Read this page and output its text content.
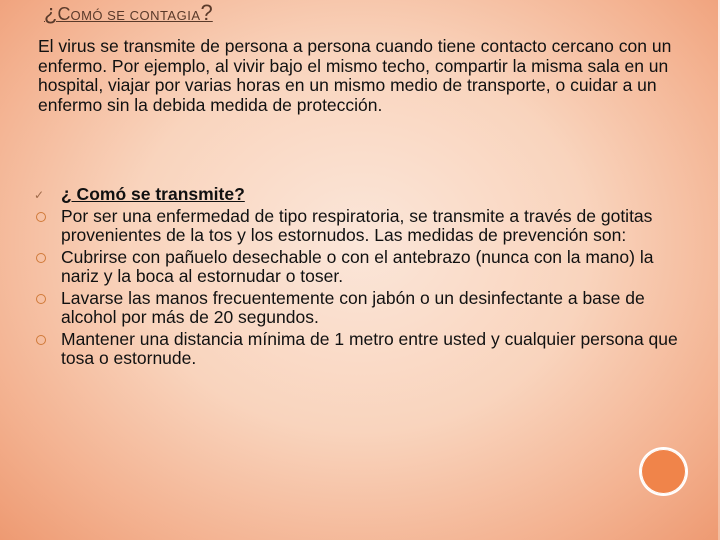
¿COMÓ SE CONTAGIA?
El virus se transmite de persona a persona cuando tiene contacto cercano con un enfermo. Por ejemplo, al vivir bajo el mismo techo, compartir la misma sala en un hospital, viajar por varias horas en un mismo medio de transporte, o cuidar a un enfermo sin la debida medida de protección.
✓ ¿ Comó se transmite?
Por ser una enfermedad de tipo respiratoria, se transmite a través de gotitas provenientes de la tos y los estornudos. Las medidas de prevención son:
Cubrirse con pañuelo desechable o con el antebrazo (nunca con la mano) la nariz y la boca al estornudar o toser.
Lavarse las manos frecuentemente con jabón o un desinfectante a base de alcohol por más de 20 segundos.
Mantener una distancia mínima de 1 metro entre usted y cualquier persona que tosa o estornude.
